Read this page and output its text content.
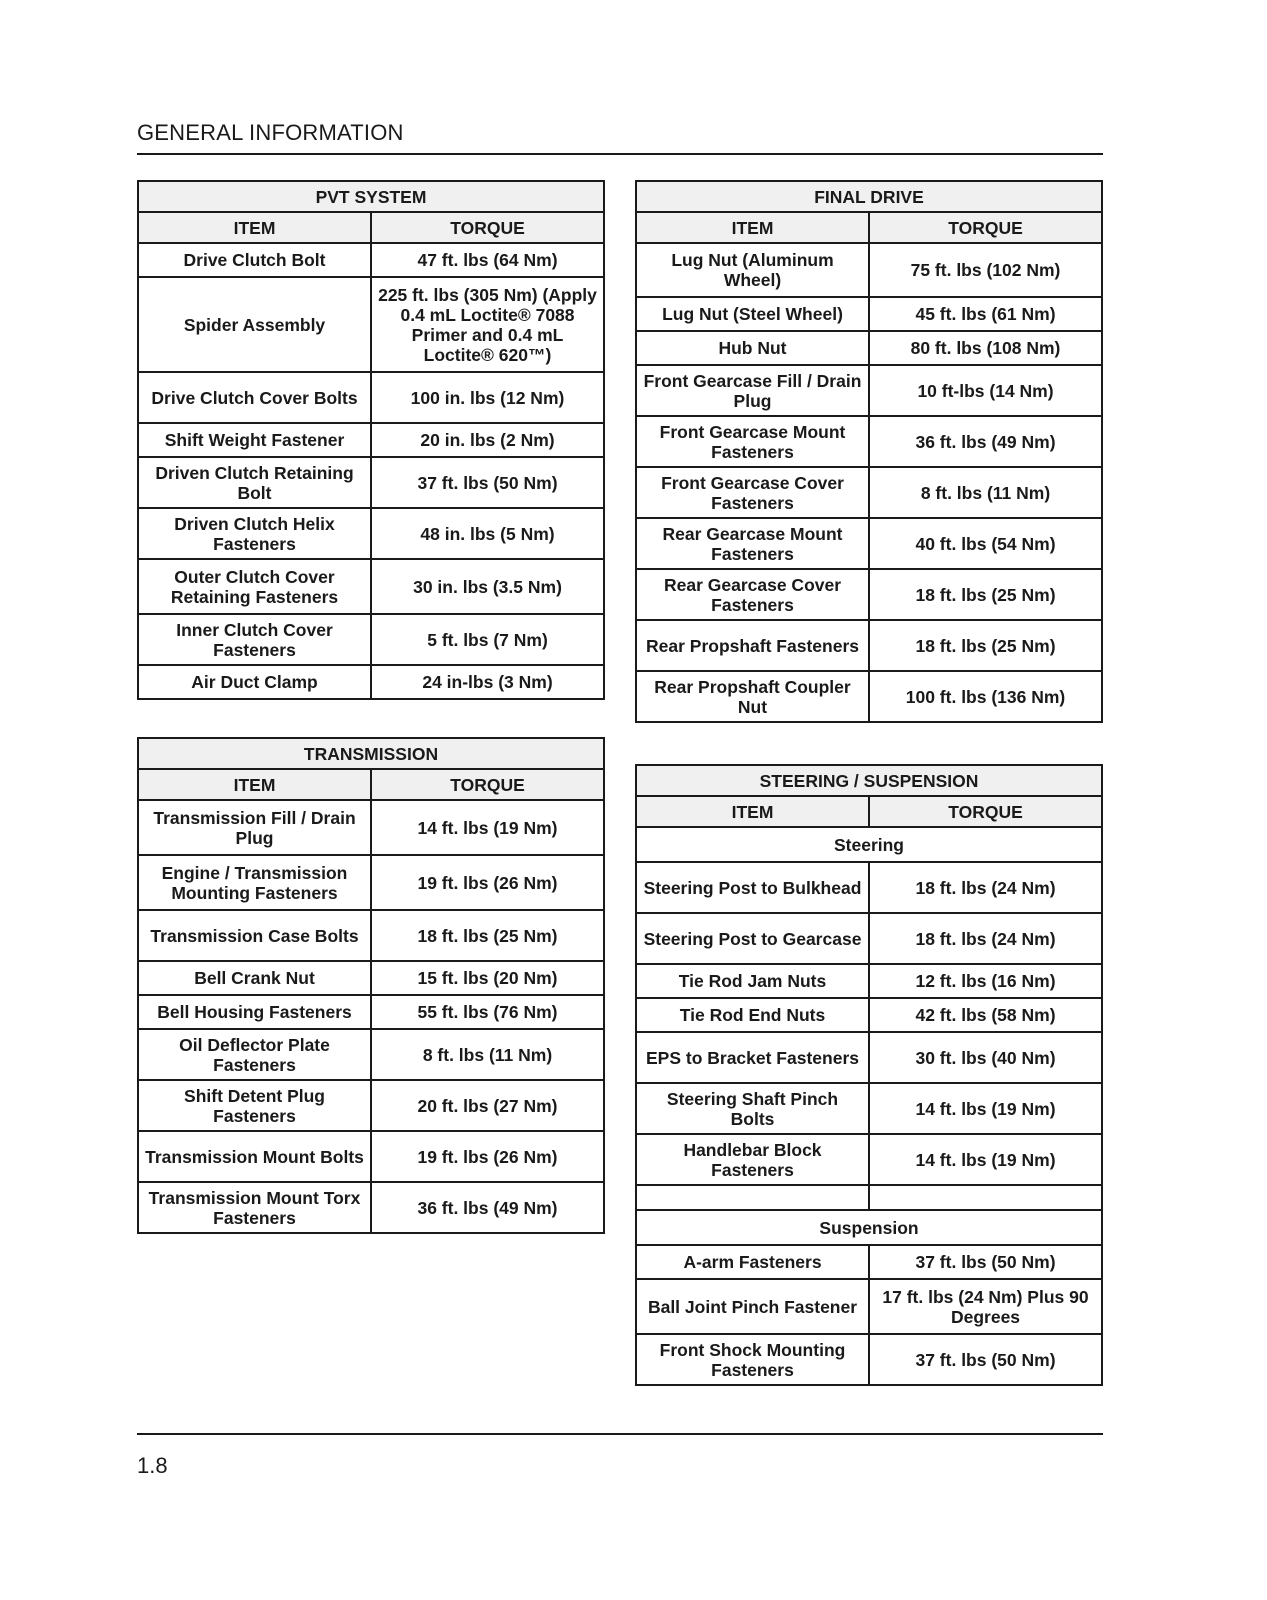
GENERAL INFORMATION
PVT SYSTEM	
ITEM	TORQUE
Drive Clutch Bolt	47 ft. lbs (64 Nm)
Spider Assembly	225 ft. lbs (305 Nm) (Apply 0.4 mL Loctite® 7088 Primer and 0.4 mL Loctite® 620™)
Drive Clutch Cover Bolts	100 in. lbs (12 Nm)
Shift Weight Fastener	20 in. lbs (2 Nm)
Driven Clutch Retaining Bolt	37 ft. lbs (50 Nm)
Driven Clutch Helix Fasteners	48 in. lbs (5 Nm)
Outer Clutch Cover Retaining Fasteners	30 in. lbs (3.5 Nm)
Inner Clutch Cover Fasteners	5 ft. lbs (7 Nm)
Air Duct Clamp	24 in-lbs (3 Nm)
TRANSMISSION	
ITEM	TORQUE
Transmission Fill / Drain Plug	14 ft. lbs (19 Nm)
Engine / Transmission Mounting Fasteners	19 ft. lbs (26 Nm)
Transmission Case Bolts	18 ft. lbs (25 Nm)
Bell Crank Nut	15 ft. lbs (20 Nm)
Bell Housing Fasteners	55 ft. lbs (76 Nm)
Oil Deflector Plate Fasteners	8 ft. lbs (11 Nm)
Shift Detent Plug Fasteners	20 ft. lbs (27 Nm)
Transmission Mount Bolts	19 ft. lbs (26 Nm)
Transmission Mount Torx Fasteners	36 ft. lbs (49 Nm)
FINAL DRIVE	
ITEM	TORQUE
Lug Nut (Aluminum Wheel)	75 ft. lbs (102 Nm)
Lug Nut (Steel Wheel)	45 ft. lbs (61 Nm)
Hub Nut	80 ft. lbs (108 Nm)
Front Gearcase Fill / Drain Plug	10 ft-lbs (14 Nm)
Front Gearcase Mount Fasteners	36 ft. lbs (49 Nm)
Front Gearcase Cover Fasteners	8 ft. lbs (11 Nm)
Rear Gearcase Mount Fasteners	40 ft. lbs (54 Nm)
Rear Gearcase Cover Fasteners	18 ft. lbs (25 Nm)
Rear Propshaft Fasteners	18 ft. lbs (25 Nm)
Rear Propshaft Coupler Nut	100 ft. lbs (136 Nm)
STEERING / SUSPENSION	
ITEM	TORQUE
Steering	
Steering Post to Bulkhead	18 ft. lbs (24 Nm)
Steering Post to Gearcase	18 ft. lbs (24 Nm)
Tie Rod Jam Nuts	12 ft. lbs (16 Nm)
Tie Rod End Nuts	42 ft. lbs (58 Nm)
EPS to Bracket Fasteners	30 ft. lbs (40 Nm)
Steering Shaft Pinch Bolts	14 ft. lbs (19 Nm)
Handlebar Block Fasteners	14 ft. lbs (19 Nm)

Suspension	
A-arm Fasteners	37 ft. lbs (50 Nm)
Ball Joint Pinch Fastener	17 ft. lbs (24 Nm) Plus 90 Degrees
Front Shock Mounting Fasteners	37 ft. lbs (50 Nm)
1.8
